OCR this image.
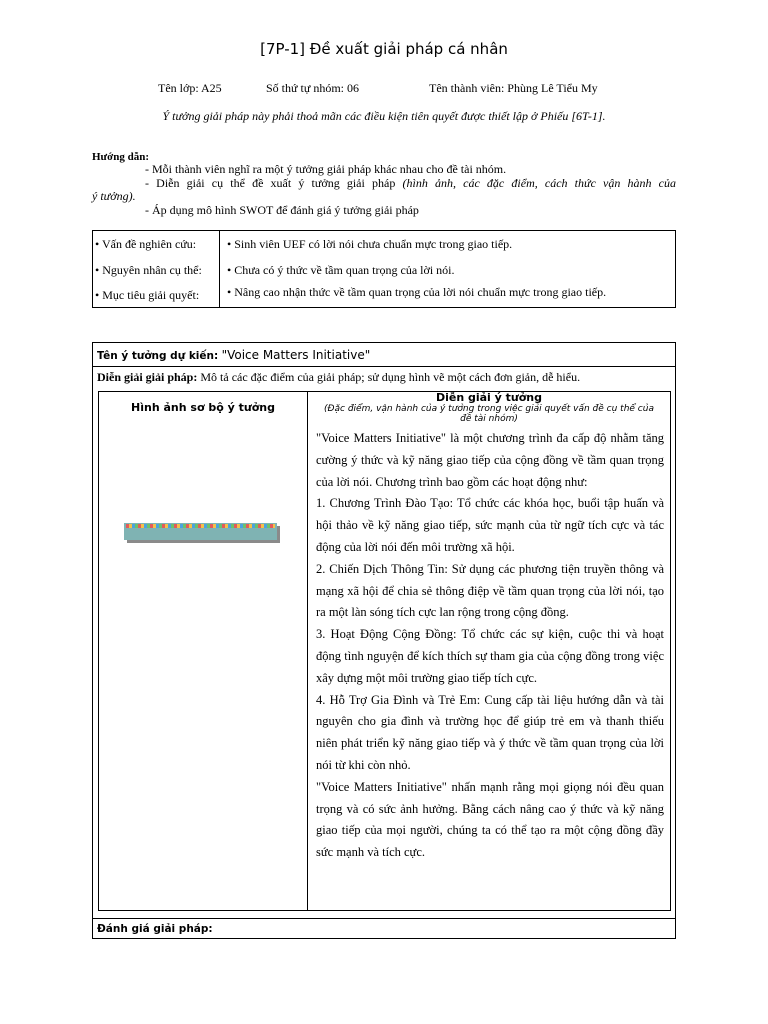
[7P-1] Đề xuất giải pháp cá nhân
Tên lớp: A25	Số thứ tự nhóm: 06	Tên thành viên: Phùng Lê Tiểu My
Ý tưởng giải pháp này phải thoả mãn các điều kiện tiên quyết được thiết lập ở Phiếu [6T-1].
Hướng dẫn:
- Mỗi thành viên nghĩ ra một ý tưởng giải pháp khác nhau cho đề tài nhóm.
- Diễn giải cụ thể đề xuất ý tưởng giải pháp (hình ảnh, các đặc điểm, cách thức vận hành của
ý tưởng).
- Áp dụng mô hình SWOT để đánh giá ý tưởng giải pháp
• Vấn đề nghiên cứu:	• Sinh viên UEF có lời nói chưa chuẩn mực trong giao tiếp.
• Nguyên nhân cụ thể: • Chưa có ý thức về tầm quan trọng của lời nói.
• Mục tiêu giải quyết: • Nâng cao nhận thức về tầm quan trọng của lời nói chuẩn mực trong giao tiếp.
Tên ý tưởng dự kiến: "Voice Matters Initiative"
Diễn giải giải pháp: Mô tả các đặc điểm của giải pháp; sử dụng hình vẽ một cách đơn giản, dễ hiểu.
Hình ảnh sơ bộ ý tưởng
Diễn giải ý tưởng
(Đặc điểm, vận hành của ý tưởng trong việc giải quyết vấn đề cụ thể của đề tài nhóm)

"Voice Matters Initiative" là một chương trình đa cấp độ nhằm tăng cường ý thức và kỹ năng giao tiếp của cộng đồng về tầm quan trọng của lời nói. Chương trình bao gồm các hoạt động như:

1. Chương Trình Đào Tạo: Tổ chức các khóa học, buổi tập huấn và hội thảo về kỹ năng giao tiếp, sức mạnh của từ ngữ tích cực và tác động của lời nói đến môi trường xã hội.

2. Chiến Dịch Thông Tin: Sử dụng các phương tiện truyền thông và mạng xã hội để chia sẻ thông điệp về tầm quan trọng của lời nói, tạo ra một làn sóng tích cực lan rộng trong cộng đồng.

3. Hoạt Động Cộng Đồng: Tổ chức các sự kiện, cuộc thi và hoạt động tình nguyện để kích thích sự tham gia của cộng đồng trong việc xây dựng một môi trường giao tiếp tích cực.

4. Hỗ Trợ Gia Đình và Trẻ Em: Cung cấp tài liệu hướng dẫn và tài nguyên cho gia đình và trường học để giúp trẻ em và thanh thiếu niên phát triển kỹ năng giao tiếp và ý thức về tầm quan trọng của lời nói từ khi còn nhỏ.

"Voice Matters Initiative" nhấn mạnh rằng mọi giọng nói đều quan trọng và có sức ảnh hưởng. Bằng cách nâng cao ý thức và kỹ năng giao tiếp của mọi người, chúng ta có thể tạo ra một cộng đồng đầy sức mạnh và tích cực.

Đánh giá giải pháp:
